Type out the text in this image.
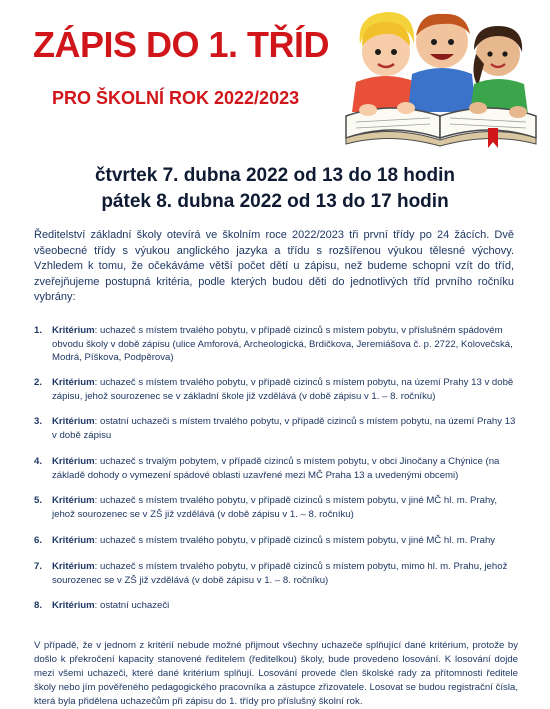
ZÁPIS DO 1. TŘÍD
PRO ŠKOLNÍ ROK 2022/2023
čtvrtek 7. dubna 2022 od 13 do 18 hodin
pátek 8. dubna 2022 od 13 do 17 hodin

Ředitelství základní školy otevírá ve školním roce 2022/2023 tři první třídy po 24 žácích. Dvě všeobecné třídy s výukou anglického jazyka a třídu s rozšířenou výukou tělesné výchovy. Vzhledem k tomu, že očekáváme větší počet dětí u zápisu, než budeme schopni vzít do tříd, zveřejňujeme postupná kritéria, podle kterých budou děti do jednotlivých tříd prvního ročníku vybrány:

1. Kritérium: uchazeč s místem trvalého pobytu, v případě cizinců s místem pobytu, v příslušném spádovém obvodu školy v době zápisu (ulice Amforová, Archeologická, Brdičkova, Jeremiášova č. p. 2722, Kolovečská, Modrá, Píškova, Podpěrova)
2. Kritérium: uchazeč s místem trvalého pobytu, v případě cizinců s místem pobytu, na území Prahy 13 v době zápisu, jehož sourozenec se v základní škole již vzdělává (v době zápisu v 1. – 8. ročníku)
3. Kritérium: ostatní uchazeči s místem trvalého pobytu, v případě cizinců s místem pobytu, na území Prahy 13 v době zápisu
4. Kritérium: uchazeč s trvalým pobytem, v případě cizinců s místem pobytu, v obci Jinočany a Chýnice (na základě dohody o vymezení spádové oblasti uzavřené mezi MČ Praha 13 a uvedenými obcemi)
5. Kritérium: uchazeč s místem trvalého pobytu, v případě cizinců s místem pobytu, v jiné MČ hl. m. Prahy, jehož sourozenec se v ZŠ již vzdělává (v době zápisu v 1. – 8. ročníku)
6. Kritérium: uchazeč s místem trvalého pobytu, v případě cizinců s místem pobytu, v jiné MČ hl. m. Prahy
7. Kritérium: uchazeč s místem trvalého pobytu, v případě cizinců s místem pobytu, mimo hl. m. Prahu, jehož sourozenec se v ZŠ již vzdělává (v době zápisu v 1. – 8. ročníku)
8. Kritérium: ostatní uchazeči

V případě, že v jednom z kritérií nebude možné přijmout všechny uchazeče splňující dané kritérium, protože by došlo k překročení kapacity stanovené ředitelem (ředitelkou) školy, bude provedeno losování. K losování dojde mezi všemi uchazeči, které dané kritérium splňují. Losování provede člen školské rady za přítomnosti ředitele školy nebo jím pověřeného pedagogického pracovníka a zástupce zřizovatele. Losovat se budou registrační čísla, která byla přidělena uchazečům při zápisu do 1. třídy pro příslušný školní rok.
